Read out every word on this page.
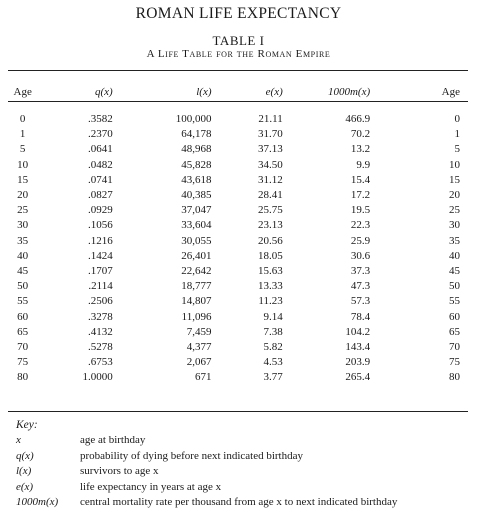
ROMAN LIFE EXPECTANCY
TABLE I
A Life Table for the Roman Empire
Age	q(x)	l(x)	e(x)	1000m(x)	Age

0	.3582	100,000	21.11	466.9	0
1	.2370	64,178	31.70	70.2	1
5	.0641	48,968	37.13	13.2	5
10	.0482	45,828	34.50	9.9	10
15	.0741	43,618	31.12	15.4	15
20	.0827	40,385	28.41	17.2	20
25	.0929	37,047	25.75	19.5	25
30	.1056	33,604	23.13	22.3	30
35	.1216	30,055	20.56	25.9	35
40	.1424	26,401	18.05	30.6	40
45	.1707	22,642	15.63	37.3	45
50	.2114	18,777	13.33	47.3	50
55	.2506	14,807	11.23	57.3	55
60	.3278	11,096	9.14	78.4	60
65	.4132	7,459	7.38	104.2	65
70	.5278	4,377	5.82	143.4	70
75	.6753	2,067	4.53	203.9	75
80	1.0000	671	3.77	265.4	80
Key:
x	age at birthday
q(x)	probability of dying before next indicated birthday
l(x)	survivors to age x
e(x)	life expectancy in years at age x
1000m(x)	central mortality rate per thousand from age x to next indicated birthday
